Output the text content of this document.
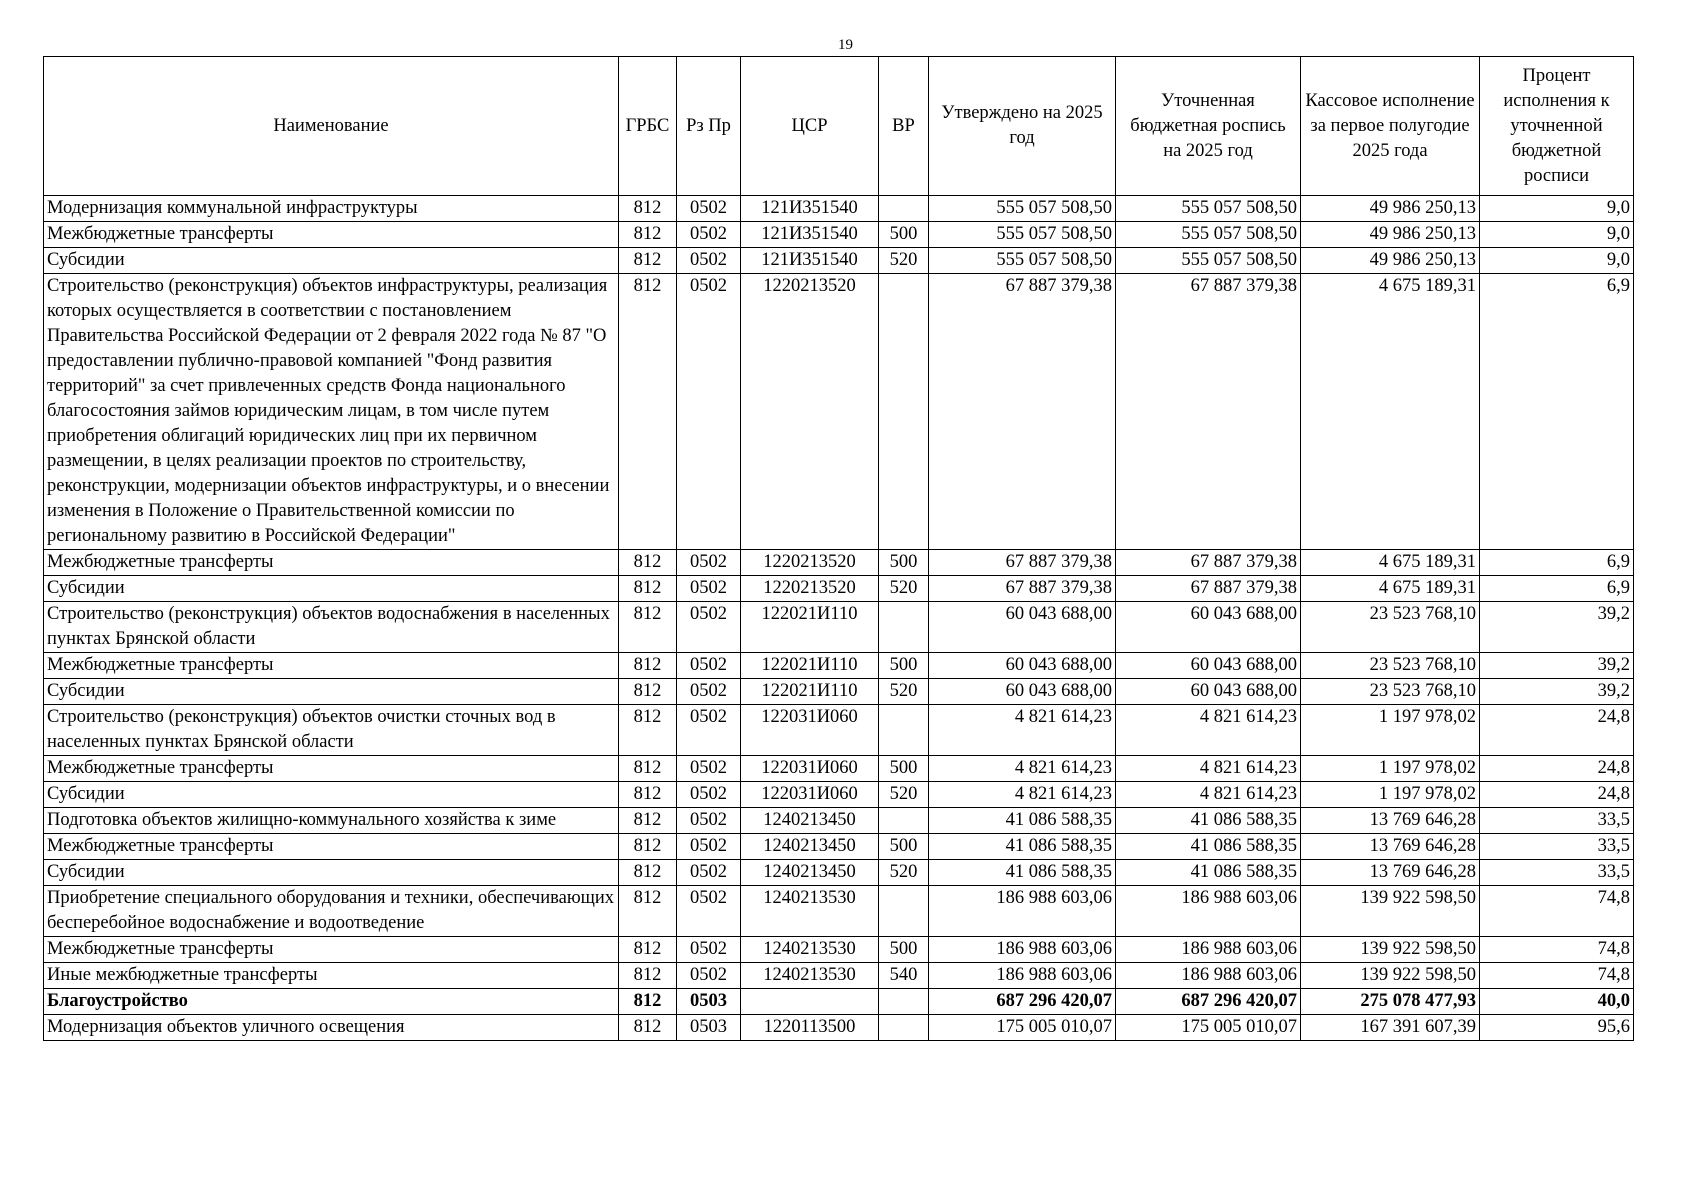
19
Наименование	ГРБС	Рз Пр	ЦСР	ВР	Утверждено на 2025 год	Уточненная бюджетная роспись на 2025 год	Кассовое исполнение за первое полугодие 2025 года	Процент исполнения к уточненной бюджетной росписи
Модернизация коммунальной инфраструктуры	812	0502	121И351540		555 057 508,50	555 057 508,50	49 986 250,13	9,0
Межбюджетные трансферты	812	0502	121И351540	500	555 057 508,50	555 057 508,50	49 986 250,13	9,0
Субсидии	812	0502	121И351540	520	555 057 508,50	555 057 508,50	49 986 250,13	9,0
Строительство (реконструкция) объектов инфраструктуры, реализация которых осуществляется в соответствии с постановлением Правительства Российской Федерации от 2 февраля 2022 года № 87 "О предоставлении публично-правовой компанией "Фонд развития территорий" за счет привлеченных средств Фонда национального благосостояния займов юридическим лицам, в том числе путем приобретения облигаций юридических лиц при их первичном размещении, в целях реализации проектов по строительству, реконструкции, модернизации объектов инфраструктуры, и о внесении изменения в Положение о Правительственной комиссии по региональному развитию в Российской Федерации"	812	0502	1220213520		67 887 379,38	67 887 379,38	4 675 189,31	6,9
Межбюджетные трансферты	812	0502	1220213520	500	67 887 379,38	67 887 379,38	4 675 189,31	6,9
Субсидии	812	0502	1220213520	520	67 887 379,38	67 887 379,38	4 675 189,31	6,9
Строительство (реконструкция) объектов водоснабжения в населенных пунктах Брянской области	812	0502	122021И110		60 043 688,00	60 043 688,00	23 523 768,10	39,2
Межбюджетные трансферты	812	0502	122021И110	500	60 043 688,00	60 043 688,00	23 523 768,10	39,2
Субсидии	812	0502	122021И110	520	60 043 688,00	60 043 688,00	23 523 768,10	39,2
Строительство (реконструкция) объектов очистки сточных вод в населенных пунктах Брянской области	812	0502	122031И060		4 821 614,23	4 821 614,23	1 197 978,02	24,8
Межбюджетные трансферты	812	0502	122031И060	500	4 821 614,23	4 821 614,23	1 197 978,02	24,8
Субсидии	812	0502	122031И060	520	4 821 614,23	4 821 614,23	1 197 978,02	24,8
Подготовка объектов жилищно-коммунального хозяйства к зиме	812	0502	1240213450		41 086 588,35	41 086 588,35	13 769 646,28	33,5
Межбюджетные трансферты	812	0502	1240213450	500	41 086 588,35	41 086 588,35	13 769 646,28	33,5
Субсидии	812	0502	1240213450	520	41 086 588,35	41 086 588,35	13 769 646,28	33,5
Приобретение специального оборудования и техники, обеспечивающих бесперебойное водоснабжение и водоотведение	812	0502	1240213530		186 988 603,06	186 988 603,06	139 922 598,50	74,8
Межбюджетные трансферты	812	0502	1240213530	500	186 988 603,06	186 988 603,06	139 922 598,50	74,8
Иные межбюджетные трансферты	812	0502	1240213530	540	186 988 603,06	186 988 603,06	139 922 598,50	74,8
Благоустройство	812	0503			687 296 420,07	687 296 420,07	275 078 477,93	40,0
Модернизация объектов уличного освещения	812	0503	1220113500		175 005 010,07	175 005 010,07	167 391 607,39	95,6
